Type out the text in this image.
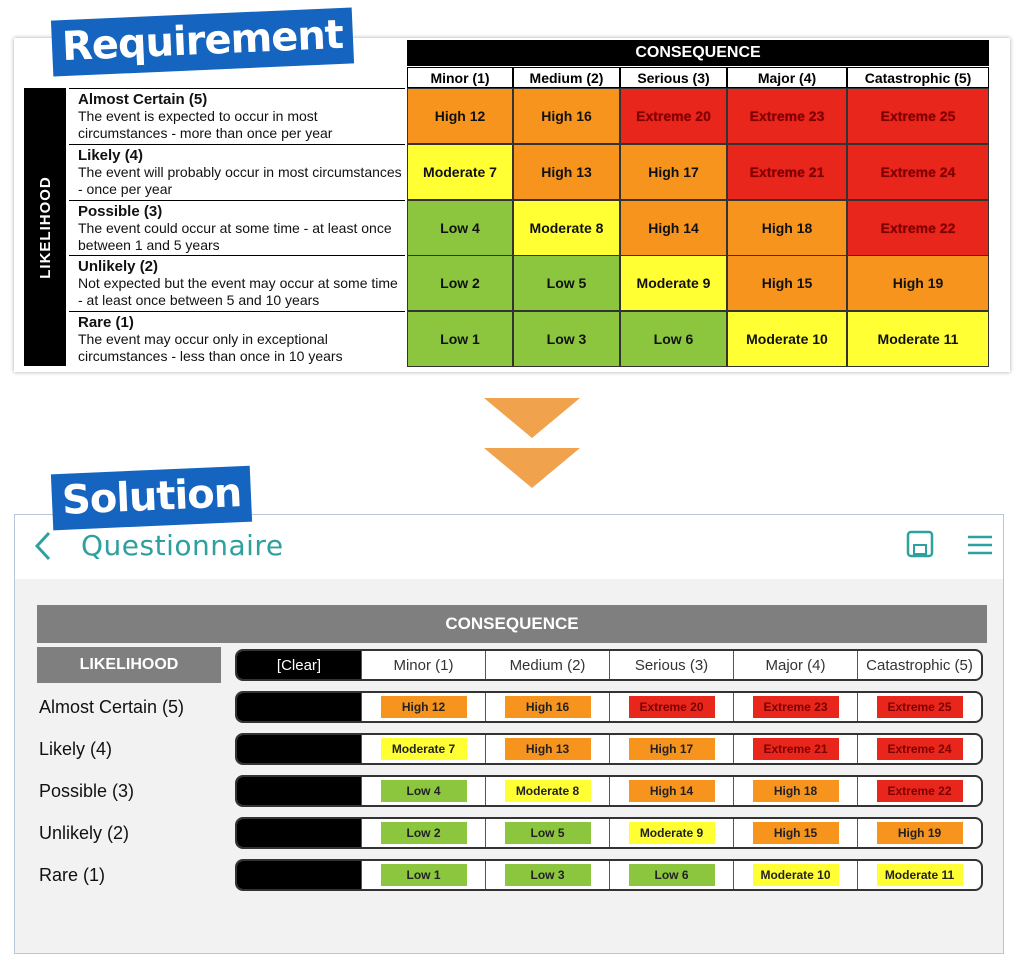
Requirement	CONSEQUENCE
LIKELIHOOD
Minor (1)	Medium (2)	Serious (3)	Major (4)	Catastrophic (5)
Almost Certain (5)
The event is expected to occur in most circumstances - more than once per year
High 12	High 16	Extreme 20	Extreme 23	Extreme 25
Likely (4)
The event will probably occur in most circumstances - once per year
Moderate 7	High 13	High 17	Extreme 21	Extreme 24
Possible (3)
The event could occur at some time - at least once between 1 and 5 years
Low 4	Moderate 8	High 14	High 18	Extreme 22
Unlikely (2)
Not expected but the event may occur at some time - at least once between 5 and 10 years
Low 2	Low 5	Moderate 9	High 15	High 19
Rare (1)
The event may occur only in exceptional circumstances - less than once in 10 years
Low 1	Low 3	Low 6	Moderate 10	Moderate 11
Solution
Questionnaire
CONSEQUENCE
LIKELIHOOD	[Clear]	Minor (1)	Medium (2)	Serious (3)	Major (4)	Catastrophic (5)
Almost Certain (5)	High 12	High 16	Extreme 20	Extreme 23	Extreme 25
Likely (4)	Moderate 7	High 13	High 17	Extreme 21	Extreme 24
Possible (3)	Low 4	Moderate 8	High 14	High 18	Extreme 22
Unlikely (2)	Low 2	Low 5	Moderate 9	High 15	High 19
Rare (1)	Low 1	Low 3	Low 6	Moderate 10	Moderate 11
